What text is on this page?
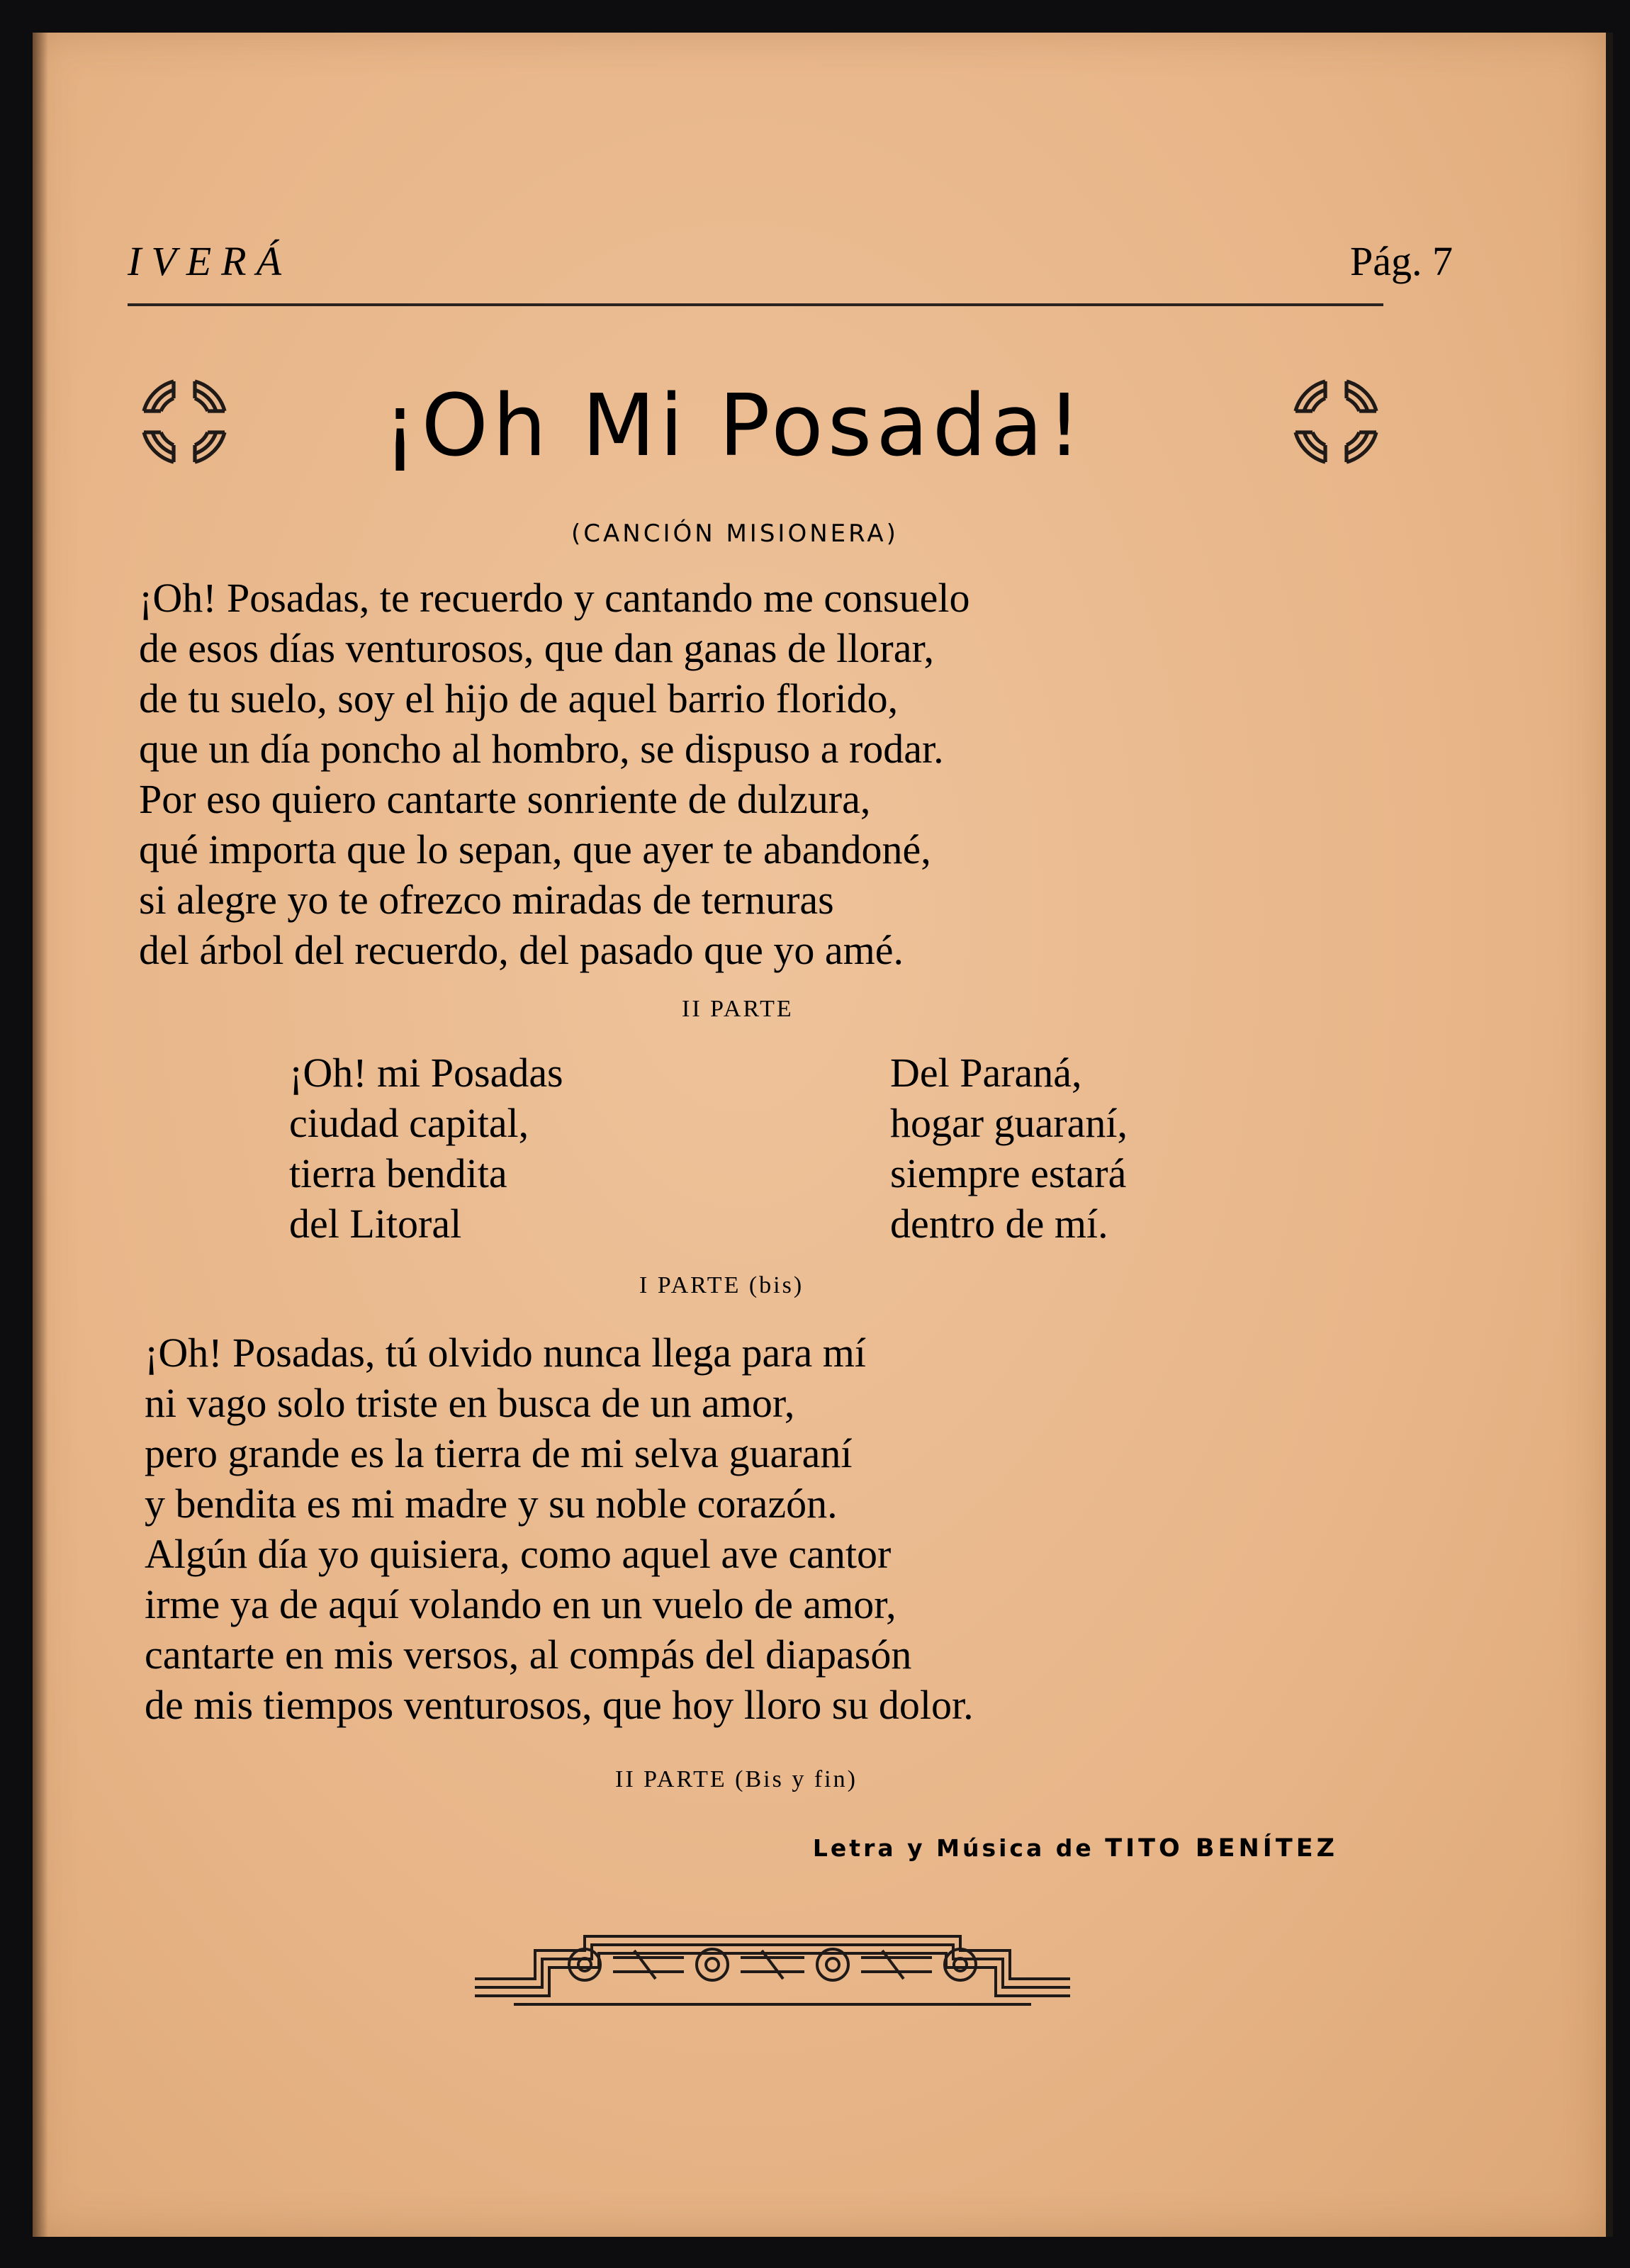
IVERÁ	Pág. 7
¡Oh Mi Posada!
(CANCIÓN MISIONERA)
¡Oh! Posadas, te recuerdo y cantando me consuelo
de esos días venturosos, que dan ganas de llorar,
de tu suelo, soy el hijo de aquel barrio florido,
que un día poncho al hombro, se dispuso a rodar.
Por eso quiero cantarte sonriente de dulzura,
qué importa que lo sepan, que ayer te abandoné,
si alegre yo te ofrezco miradas de ternuras
del árbol del recuerdo, del pasado que yo amé.
II PARTE
¡Oh! mi Posadas
ciudad capital,
tierra bendita
del Litoral
Del Paraná,
hogar guaraní,
siempre estará
dentro de mí.
I PARTE (bis)
¡Oh! Posadas, tú olvido nunca llega para mí
ni vago solo triste en busca de un amor,
pero grande es la tierra de mi selva guaraní
y bendita es mi madre y su noble corazón.
Algún día yo quisiera, como aquel ave cantor
irme ya de aquí volando en un vuelo de amor,
cantarte en mis versos, al compás del diapasón
de mis tiempos venturosos, que hoy lloro su dolor.
II PARTE (Bis y fin)
Letra y Música de TITO BENÍTEZ
